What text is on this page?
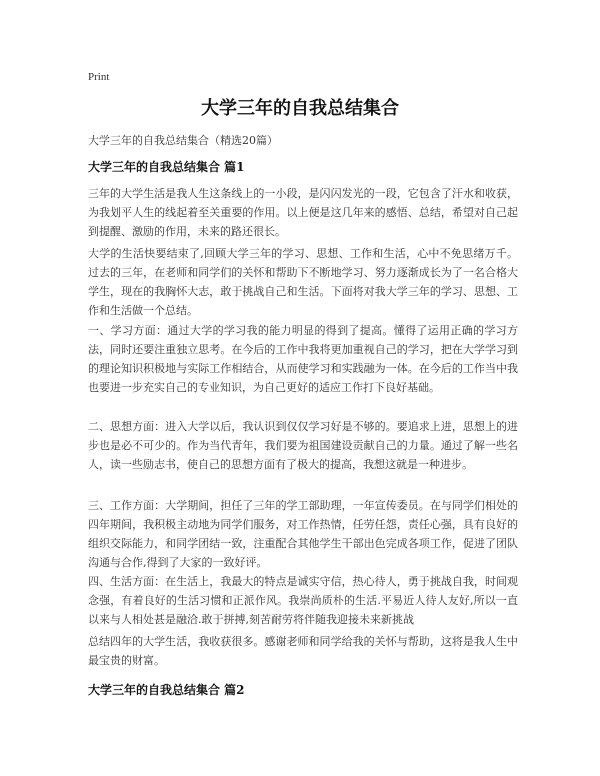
Print
大学三年的自我总结集合

大学三年的自我总结集合（精选20篇）

大学三年的自我总结集合 篇1

三年的大学生活是我人生这条线上的一小段，是闪闪发光的一段，它包含了汗水和收获，为我划平人生的线起着至关重要的作用。以上便是这几年来的感悟、总结，希望对自己起到提醒、激励的作用，未来的路还很长。

大学的生活快要结束了,回顾大学三年的学习、思想、工作和生活，心中不免思绪万千。过去的三年，在老师和同学们的关怀和帮助下不断地学习、努力逐渐成长为了一名合格大学生，现在的我胸怀大志，敢于挑战自己和生活。下面将对我大学三年的学习、思想、工作和生活做一个总结。

一、学习方面：通过大学的学习我的能力明显的得到了提高。懂得了运用正确的学习方法，同时还要注重独立思考。在今后的工作中我将更加重视自己的学习，把在大学学习到的理论知识积极地与实际工作相结合，从而使学习和实践融为一体。在今后的工作当中我也要进一步充实自己的专业知识，为自己更好的适应工作打下良好基础。

二、思想方面：进入大学以后，我认识到仅仅学习好是不够的。要追求上进，思想上的进步也是必不可少的。作为当代青年，我们要为祖国建设贡献自己的力量。通过了解一些名人，读一些励志书，使自己的思想方面有了极大的提高，我想这就是一种进步。

三、工作方面：大学期间，担任了三年的学工部助理，一年宣传委员。在与同学们相处的四年期间，我积极主动地为同学们服务，对工作热情，任劳任怨，责任心强，具有良好的组织交际能力，和同学团结一致，注重配合其他学生干部出色完成各项工作，促进了团队沟通与合作,得到了大家的一致好评。

四、生活方面：在生活上，我最大的特点是诚实守信，热心待人，勇于挑战自我，时间观念强，有着良好的生活习惯和正派作风。我崇尚质朴的生活.平易近人待人友好,所以一直以来与人相处甚是融洽.敢于拼搏,刻苦耐劳将伴随我迎接未来新挑战

总结四年的大学生活，我收获很多。感谢老师和同学给我的关怀与帮助，这将是我人生中最宝贵的财富。

大学三年的自我总结集合 篇2
